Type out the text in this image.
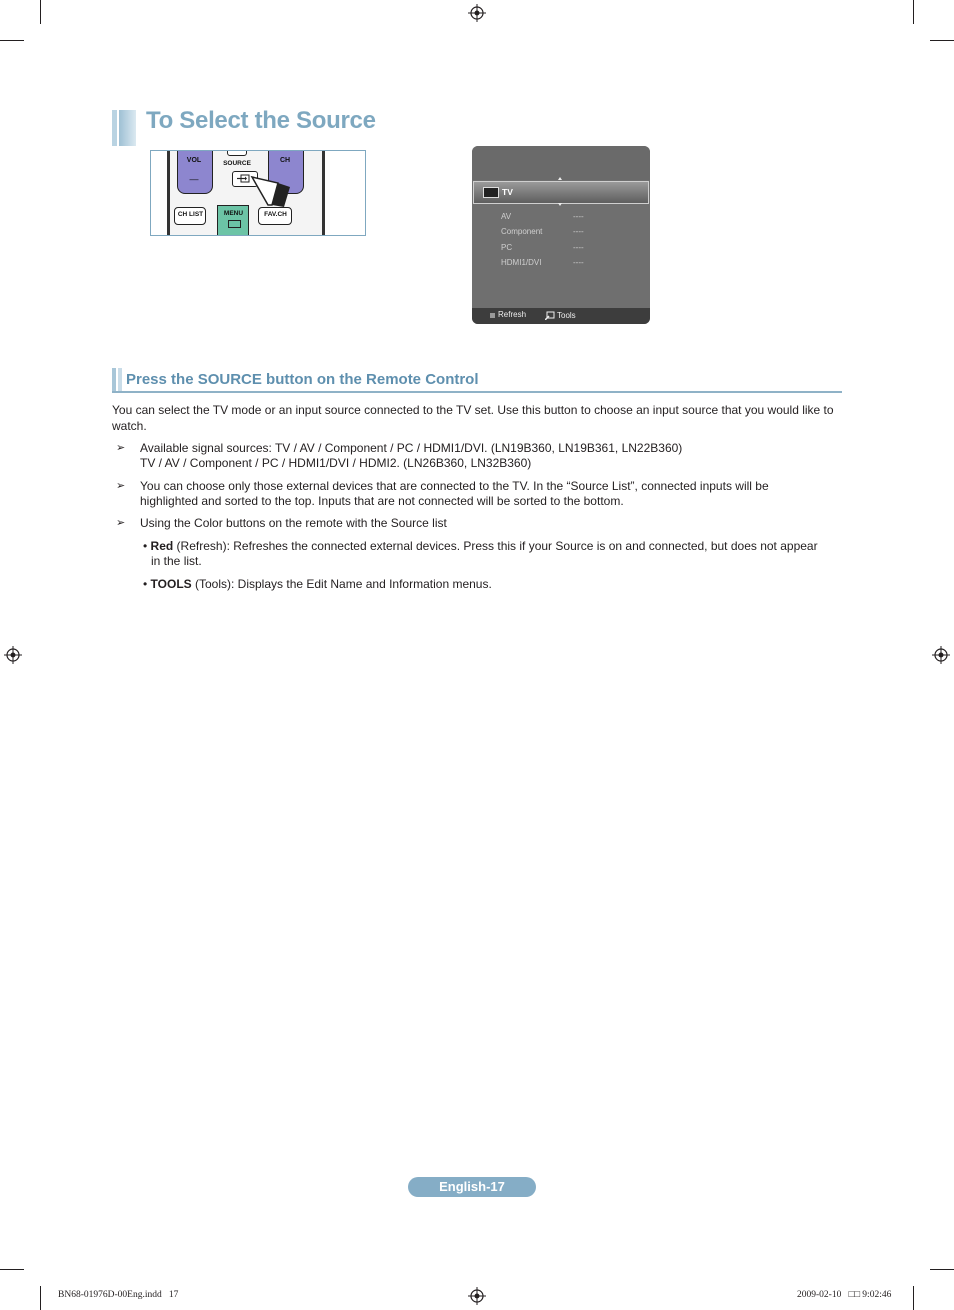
To Select the Source
VOL
—
CH
SOURCE
CH LIST	MENU	FAV.CH
TV
AV	----
Component	----
PC	----
HDMI1/DVI	----
Refresh	Tools
Press the SOURCE button on the Remote Control
You can select the TV mode or an input source connected to the TV set. Use this button to choose an input source that you would like to watch.
➢ Available signal sources: TV / AV / Component / PC / HDMI1/DVI. (LN19B360, LN19B361, LN22B360)
TV / AV / Component / PC / HDMI1/DVI / HDMI2. (LN26B360, LN32B360)
➢ You can choose only those external devices that are connected to the TV. In the “Source List”, connected inputs will be
highlighted and sorted to the top. Inputs that are not connected will be sorted to the bottom.
➢ Using the Color buttons on the remote with the Source list
• Red (Refresh): Refreshes the connected external devices. Press this if your Source is on and connected, but does not appear
in the list.
• TOOLS (Tools): Displays the Edit Name and Information menus.
English-17
BN68-01976D-00Eng.indd   17	2009-02-10   □□ 9:02:46
